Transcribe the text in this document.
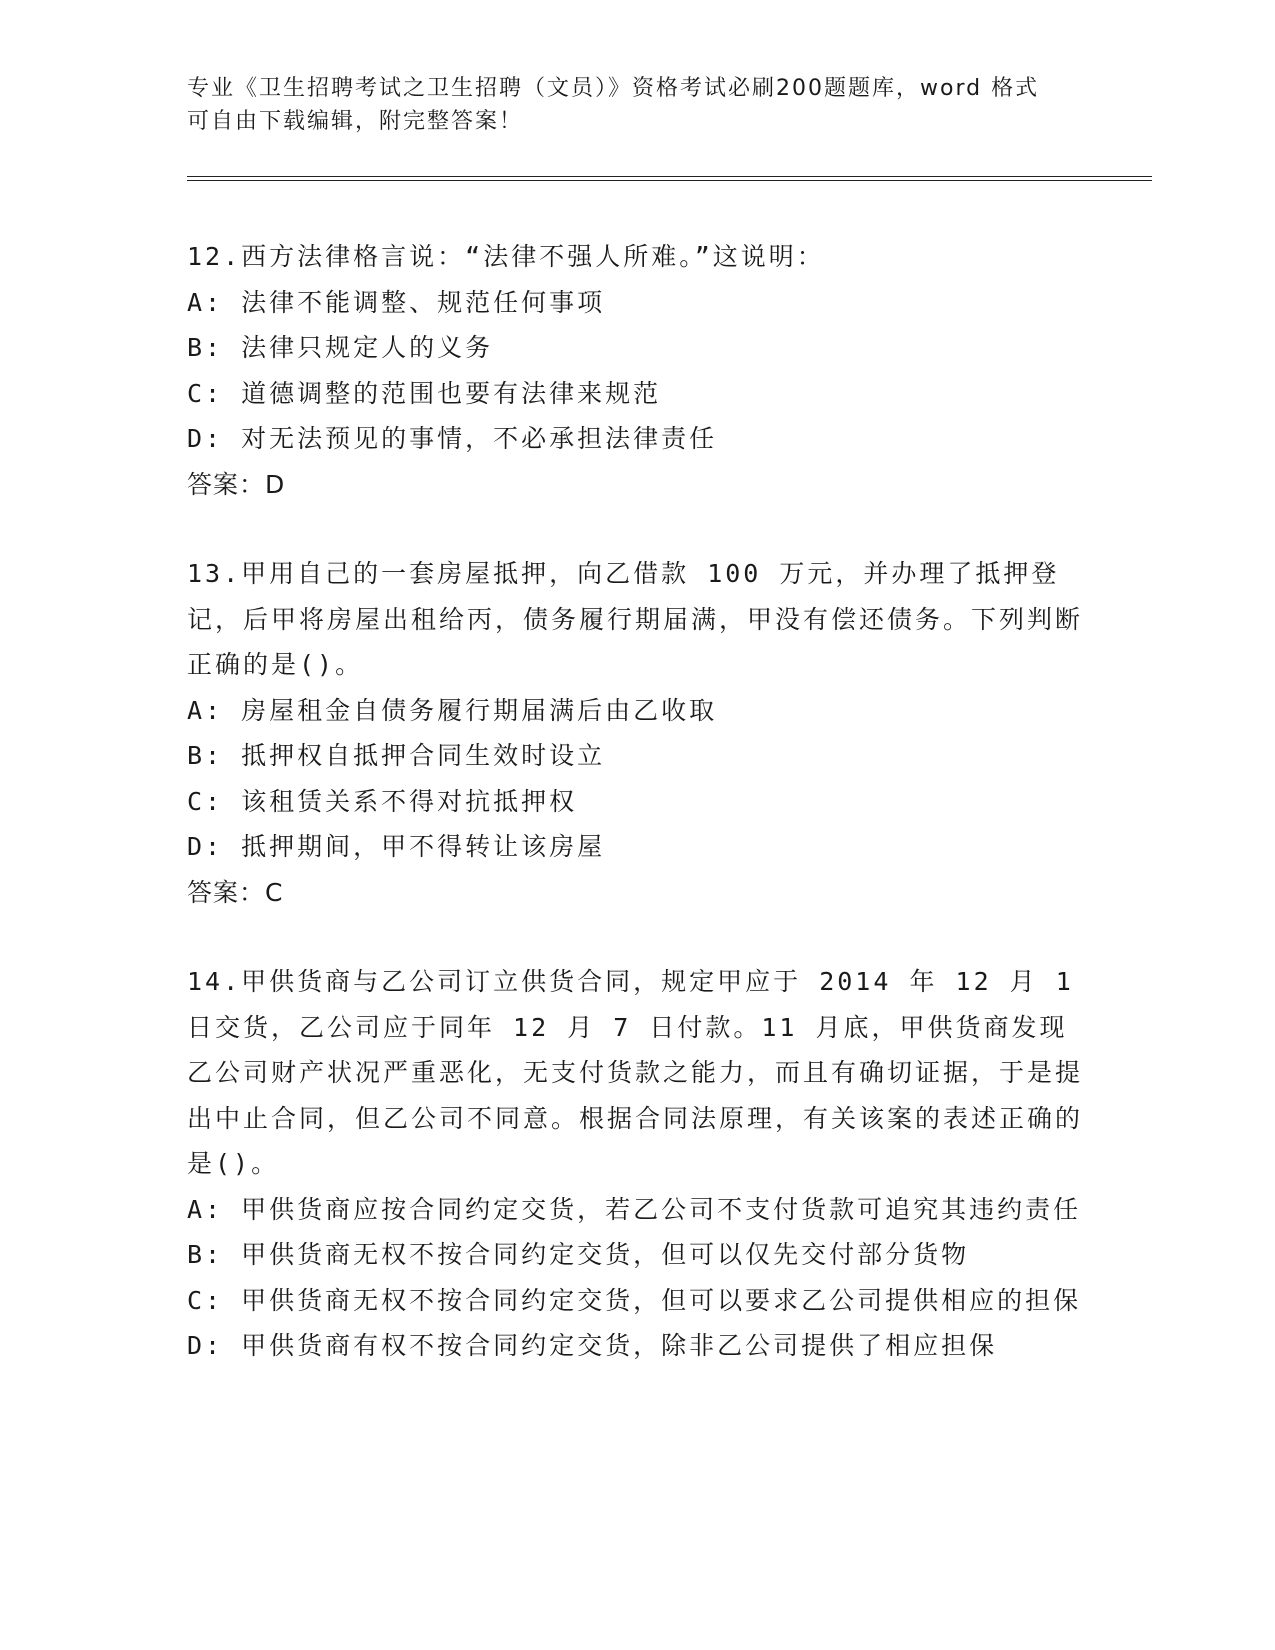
专业《卫生招聘考试之卫生招聘（文员）》资格考试必刷200题题库，word 格式
可自由下载编辑，附完整答案！

12.西方法律格言说：“法律不强人所难。”这说明：

A: 法律不能调整、规范任何事项

B: 法律只规定人的义务

C: 道德调整的范围也要有法律来规范

D: 对无法预见的事情，不必承担法律责任

答案：D

13.甲用自己的一套房屋抵押，向乙借款 100 万元，并办理了抵押登记，后甲将房屋出租给丙，债务履行期届满，甲没有偿还债务。下列判断正确的是()。

A: 房屋租金自债务履行期届满后由乙收取

B: 抵押权自抵押合同生效时设立

C: 该租赁关系不得对抗抵押权

D: 抵押期间，甲不得转让该房屋

答案：C

14.甲供货商与乙公司订立供货合同，规定甲应于 2014 年 12 月 1 日交货，乙公司应于同年 12 月 7 日付款。11 月底，甲供货商发现乙公司财产状况严重恶化，无支付货款之能力，而且有确切证据，于是提出中止合同，但乙公司不同意。根据合同法原理，有关该案的表述正确的是()。

A: 甲供货商应按合同约定交货，若乙公司不支付货款可追究其违约责任

B: 甲供货商无权不按合同约定交货，但可以仅先交付部分货物

C: 甲供货商无权不按合同约定交货，但可以要求乙公司提供相应的担保

D: 甲供货商有权不按合同约定交货，除非乙公司提供了相应担保
